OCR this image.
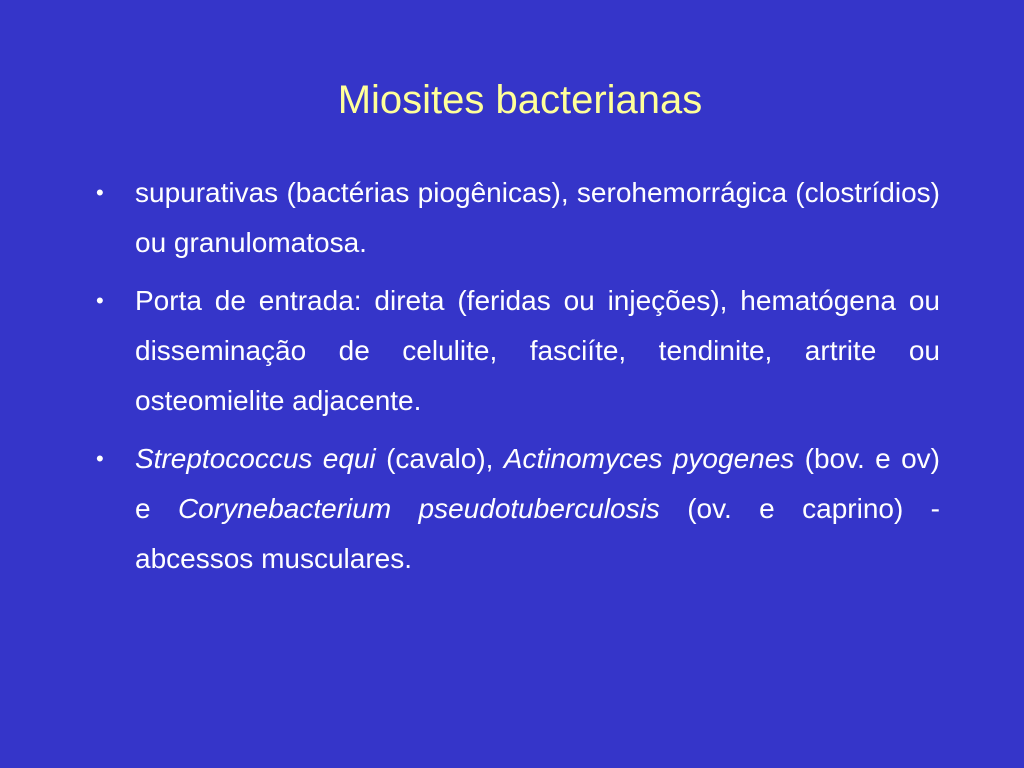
Miosites bacterianas
•	supurativas (bactérias piogênicas), serohemorrágica (clostrídios) ou granulomatosa.
•	Porta de entrada: direta (feridas ou injeções), hematógena ou disseminação de celulite, fasciíte, tendinite, artrite ou osteomielite adjacente.
•	Streptococcus equi (cavalo), Actinomyces pyogenes (bov. e ov) e Corynebacterium pseudotuberculosis (ov. e caprino) - abcessos musculares.
